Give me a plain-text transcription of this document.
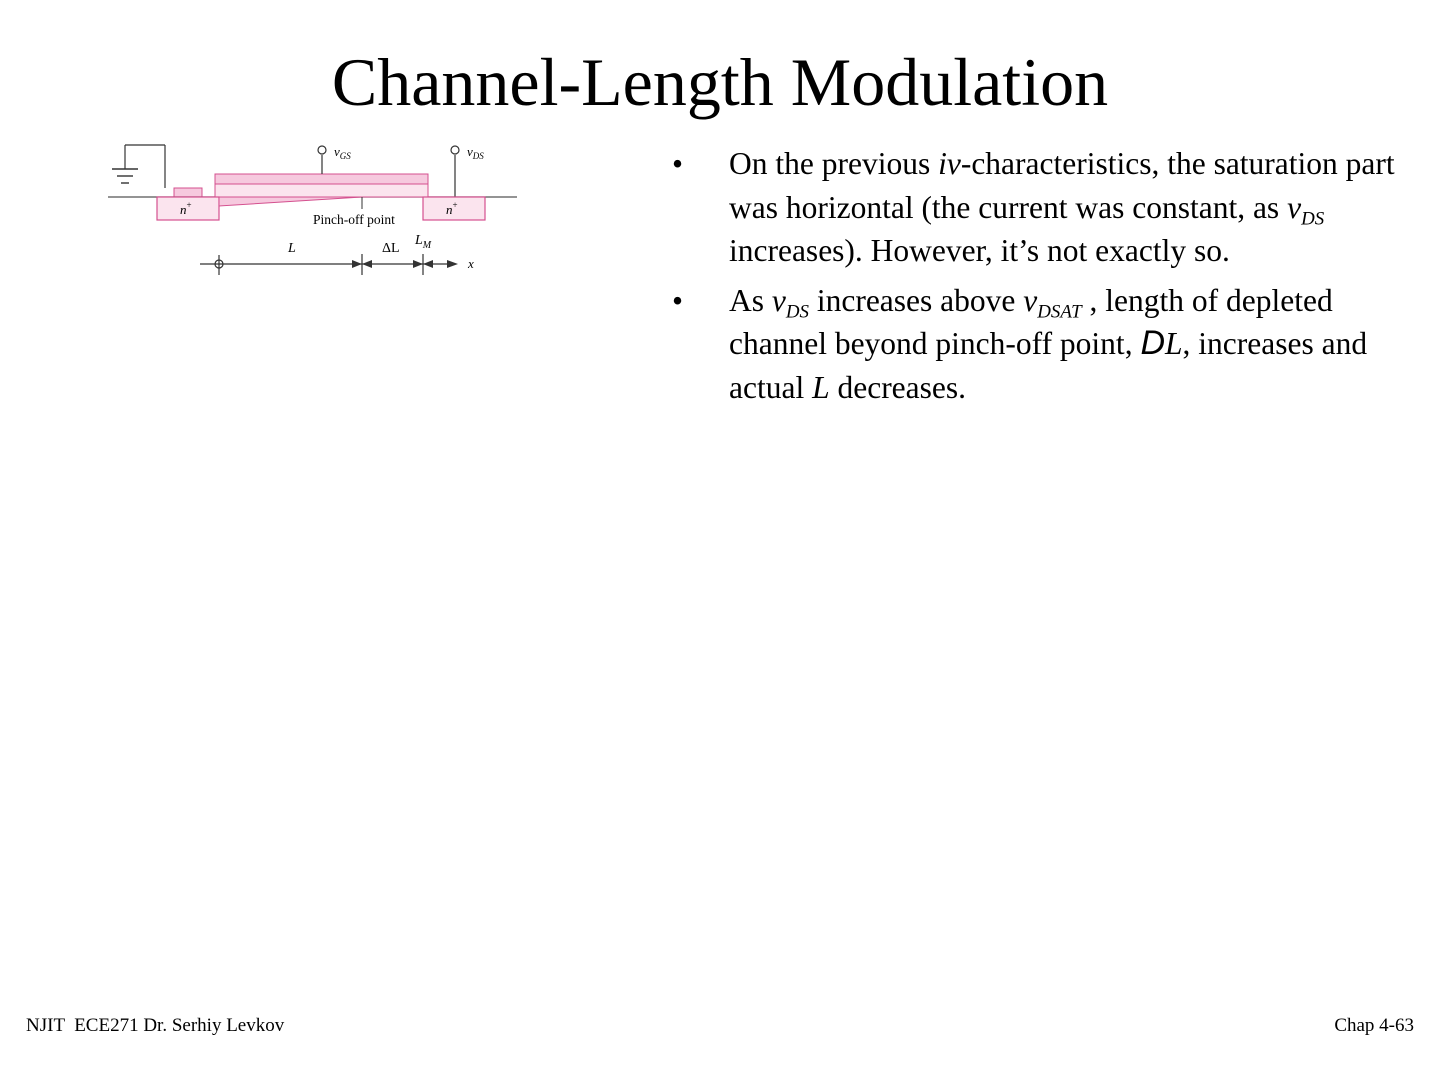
Channel-Length Modulation
$v_{GS}$	$v_{DS}$
n+	n+
Pinch-off point
L	ΔL
$L_M$
x
• On the previous iv-characteristics, the saturation part was horizontal (the current was constant, as $v_{DS}$ increases). However, it’s not exactly so.
• As $v_{DS}$ increases above $v_{DSAT}$ , length of depleted channel beyond pinch-off point, DL, increases and actual L decreases.
NJIT  ECE271 Dr. Serhiy Levkov	Chap 4-63
